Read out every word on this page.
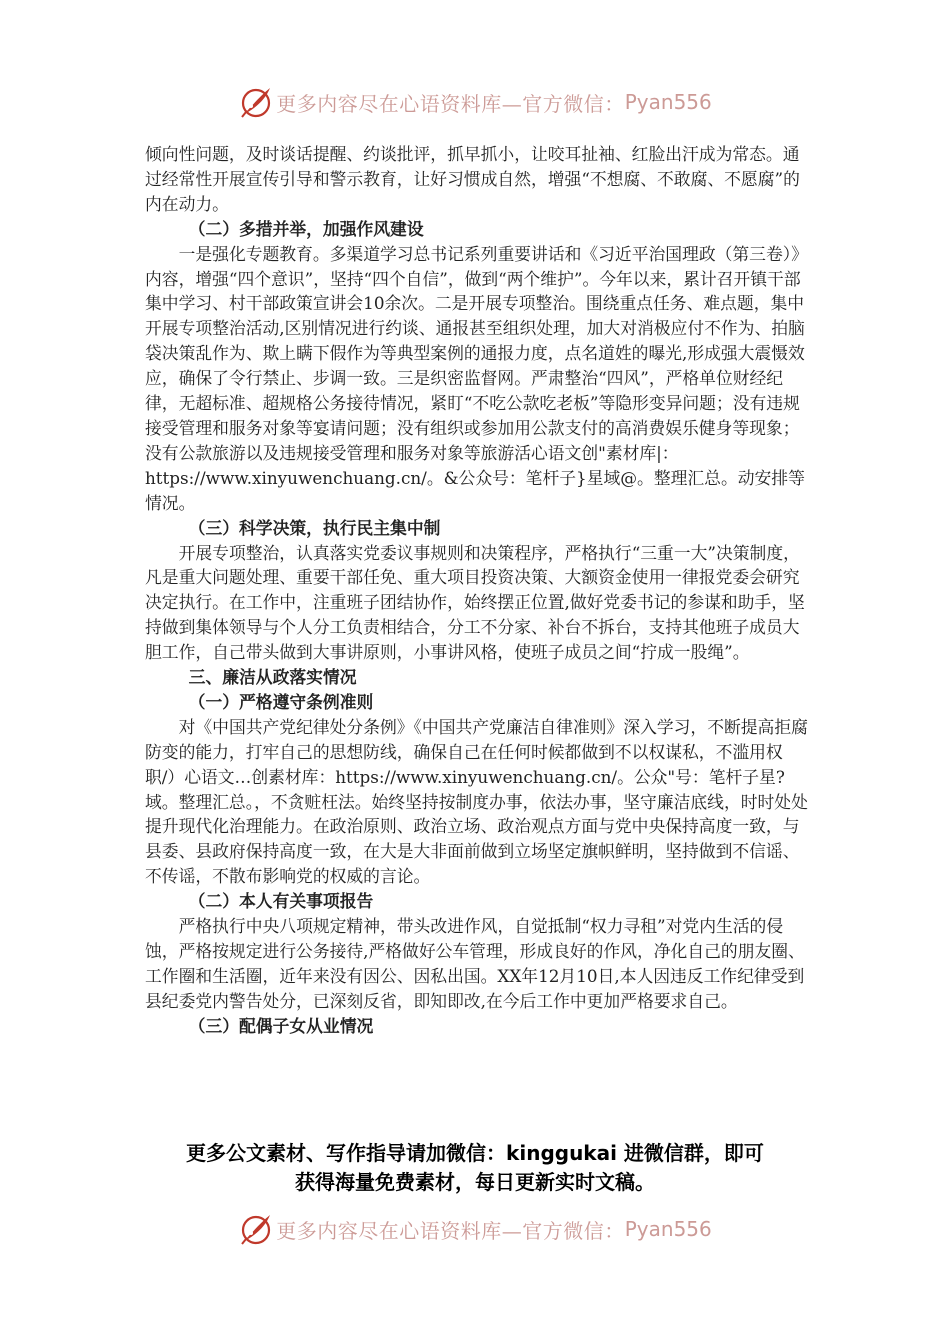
更多内容尽在心语资料库—官方微信： Pyan556

倾向性问题，及时谈话提醒、约谈批评，抓早抓小，让咬耳扯袖、红脸出汗成为常态。通过经常性开展宣传引导和警示教育，让好习惯成自然，增强“不想腐、不敢腐、不愿腐”的内在动力。

（二）多措并举，加强作风建设

一是强化专题教育。多渠道学习总书记系列重要讲话和《习近平治国理政（第三卷）》内容，增强“四个意识”，坚持“四个自信”，做到“两个维护”。今年以来，累计召开镇干部集中学习、村干部政策宣讲会10余次。二是开展专项整治。围绕重点任务、难点题，集中开展专项整治活动,区别情况进行约谈、通报甚至组织处理，加大对消极应付不作为、拍脑袋决策乱作为、欺上瞒下假作为等典型案例的通报力度，点名道姓的曝光,形成强大震慑效应，确保了令行禁止、步调一致。三是织密监督网。严肃整治“四风”，严格单位财经纪律，无超标准、超规格公务接待情况，紧盯“不吃公款吃老板”等隐形变异问题；没有违规接受管理和服务对象等宴请问题；没有组织或参加用公款支付的高消费娱乐健身等现象；没有公款旅游以及违规接受管理和服务对象等旅游活心语文创"素材库|：https://www.xinyuwenchuang.cn/。&公众号：笔杆子}星域@。整理汇总。动安排等情况。

（三）科学决策，执行民主集中制

开展专项整治，认真落实党委议事规则和决策程序，严格执行“三重一大”决策制度，凡是重大问题处理、重要干部任免、重大项目投资决策、大额资金使用一律报党委会研究决定执行。在工作中，注重班子团结协作，始终摆正位置,做好党委书记的参谋和助手，坚持做到集体领导与个人分工负责相结合，分工不分家、补台不拆台，支持其他班子成员大胆工作，自己带头做到大事讲原则，小事讲风格，使班子成员之间“拧成一股绳”。

三、廉洁从政落实情况

（一）严格遵守条例准则

对《中国共产党纪律处分条例》《中国共产党廉洁自律准则》深入学习，不断提高拒腐防变的能力，打牢自己的思想防线，确保自己在任何时候都做到不以权谋私，不滥用权职/）心语文…创素材库：https://www.xinyuwenchuang.cn/。公众"号：笔杆子星?域。整理汇总。，不贪赃枉法。始终坚持按制度办事，依法办事，坚守廉洁底线，时时处处提升现代化治理能力。在政治原则、政治立场、政治观点方面与党中央保持高度一致，与县委、县政府保持高度一致，在大是大非面前做到立场坚定旗帜鲜明，坚持做到不信谣、不传谣，不散布影响党的权威的言论。

（二）本人有关事项报告

严格执行中央八项规定精神，带头改进作风，自觉抵制“权力寻租”对党内生活的侵蚀，严格按规定进行公务接待,严格做好公车管理，形成良好的作风，净化自己的朋友圈、工作圈和生活圈，近年来没有因公、因私出国。XX年12月10日,本人因违反工作纪律受到县纪委党内警告处分，已深刻反省，即知即改,在今后工作中更加严格要求自己。

（三）配偶子女从业情况

更多公文素材、写作指导请加微信：kinggukai 进微信群，即可
获得海量免费素材，每日更新实时文稿。
更多内容尽在心语资料库—官方微信： Pyan556
